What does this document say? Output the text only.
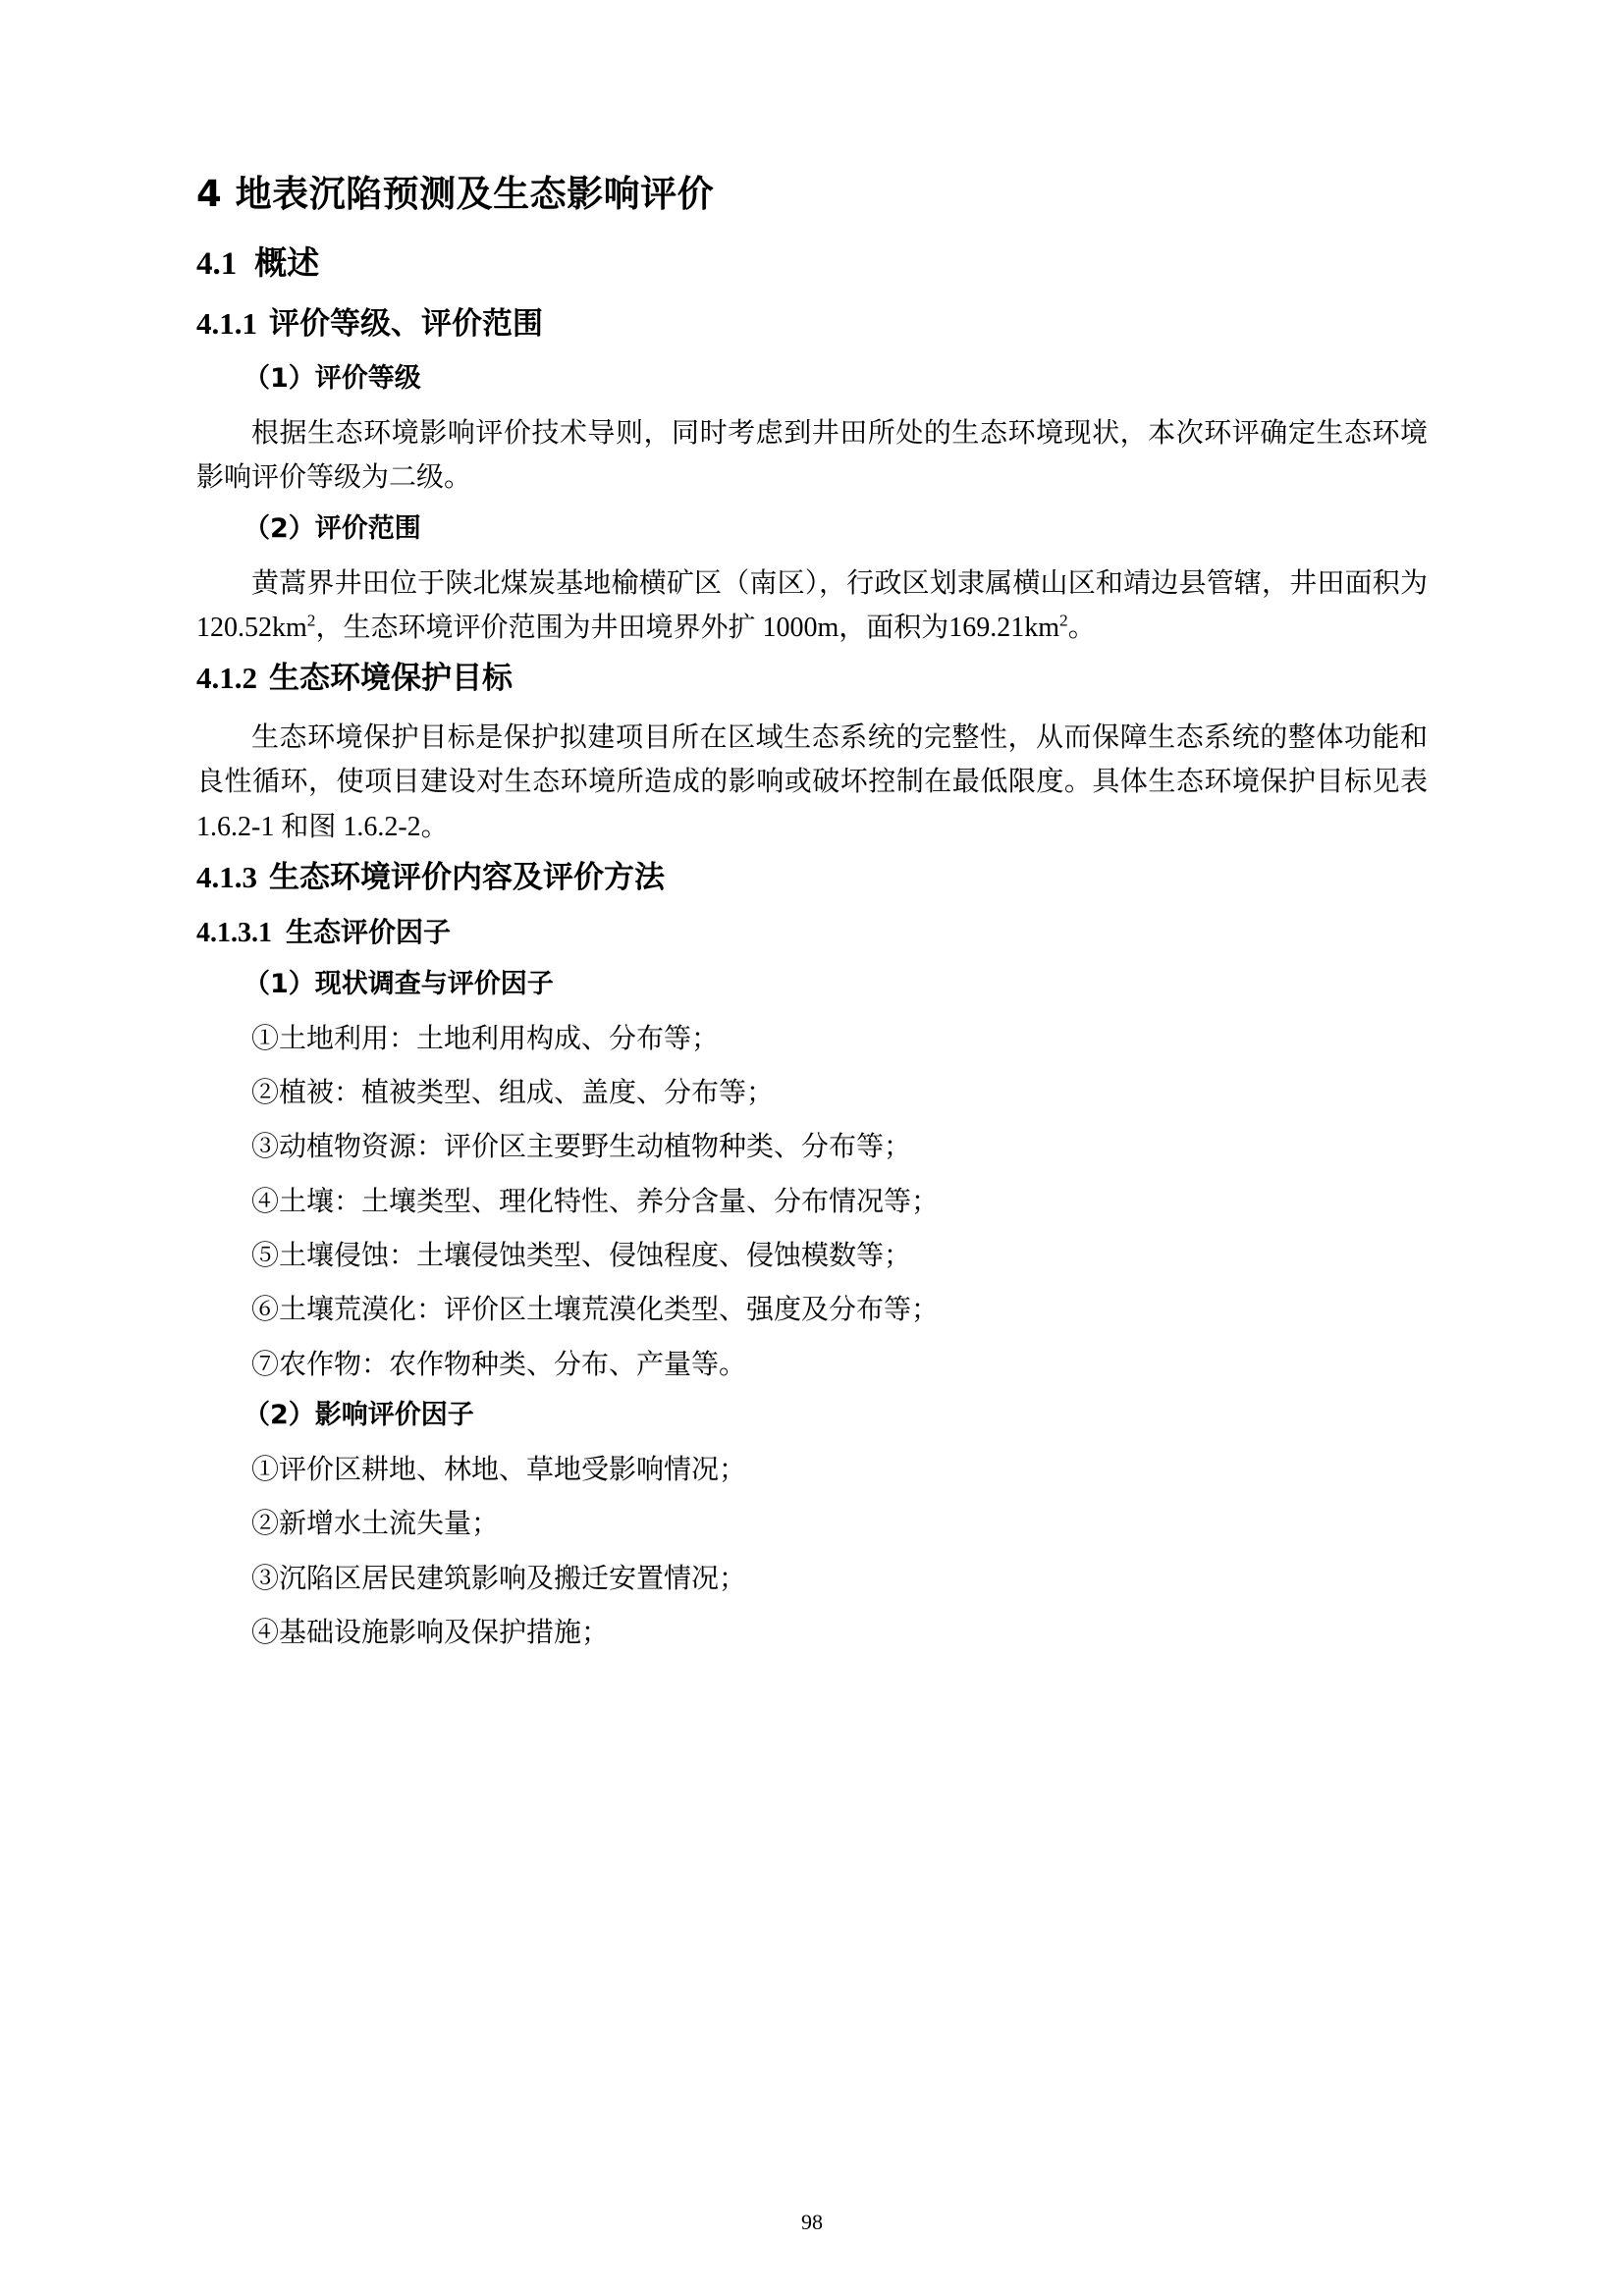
4 地表沉陷预测及生态影响评价
4.1 概述
4.1.1 评价等级、评价范围
（1）评价等级

根据生态环境影响评价技术导则，同时考虑到井田所处的生态环境现状，本次环评确定生态环境影响评价等级为二级。

（2）评价范围

黄蒿界井田位于陕北煤炭基地榆横矿区（南区），行政区划隶属横山区和靖边县管辖，井田面积为 $120.52km^2$，生态环境评价范围为井田境界外扩 1000m，面积为$169.21km^2$。

4.1.2 生态环境保护目标

生态环境保护目标是保护拟建项目所在区域生态系统的完整性，从而保障生态系统的整体功能和良性循环，使项目建设对生态环境所造成的影响或破坏控制在最低限度。具体生态环境保护目标见表 1.6.2-1 和图 1.6.2-2。

4.1.3 生态环境评价内容及评价方法
4.1.3.1 生态评价因子
（1）现状调查与评价因子

①土地利用：土地利用构成、分布等；

②植被：植被类型、组成、盖度、分布等；

③动植物资源：评价区主要野生动植物种类、分布等；

④土壤：土壤类型、理化特性、养分含量、分布情况等；

⑤土壤侵蚀：土壤侵蚀类型、侵蚀程度、侵蚀模数等；

⑥土壤荒漠化：评价区土壤荒漠化类型、强度及分布等；

⑦农作物：农作物种类、分布、产量等。

（2）影响评价因子

①评价区耕地、林地、草地受影响情况；

②新增水土流失量；

③沉陷区居民建筑影响及搬迁安置情况；

④基础设施影响及保护措施；

98
